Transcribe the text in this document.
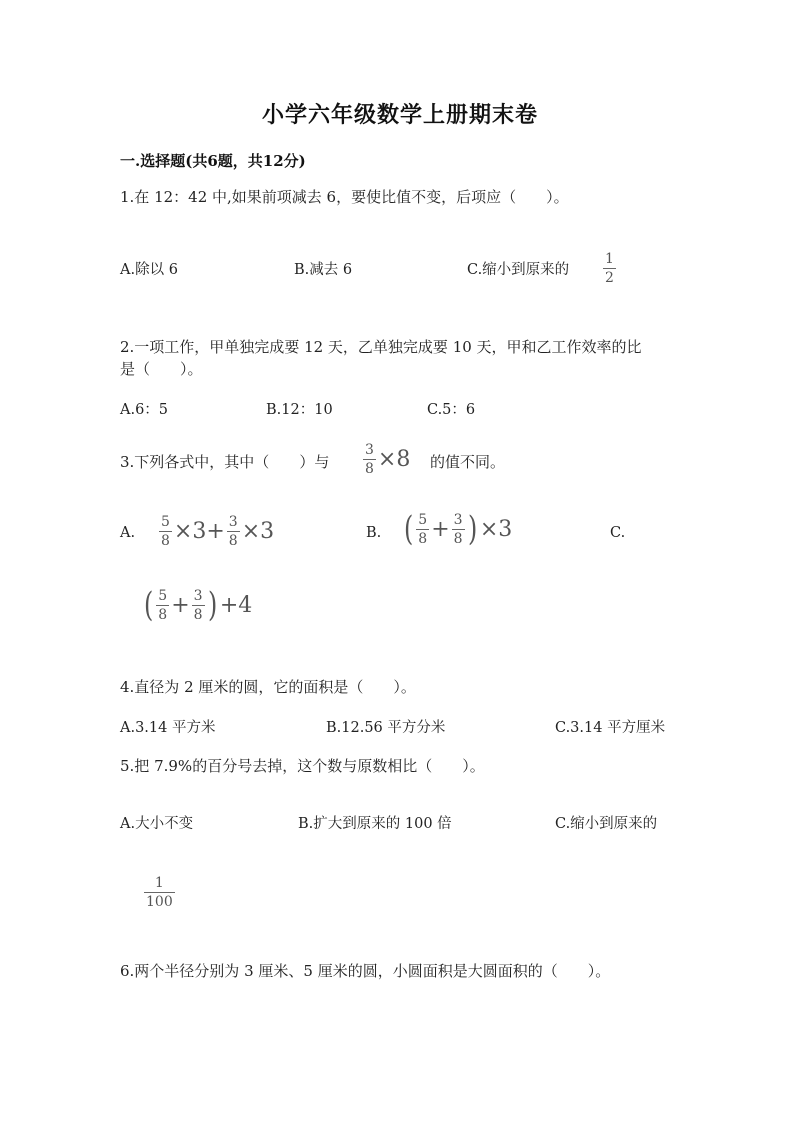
小学六年级数学上册期末卷
一.选择题(共6题，共12分)
1.在 12：42 中,如果前项减去 6，要使比值不变，后项应（　　）。
A.除以 6	B.减去 6	C.缩小到原来的 $\frac{1}{2}$
2.一项工作，甲单独完成要 12 天，乙单独完成要 10 天，甲和乙工作效率的比
是（　　）。
A.6：5	B.12：10	C.5：6
3.下列各式中，其中（　　）与 $\frac{3}{8} \times 8$ 的值不同。
A. $\frac{5}{8} \times 3+ \frac{3}{8} \times 3$	B. ( $\frac{5}{8} + \frac{3}{8}$ ) ×3	C.
( $\frac{5}{8} + \frac{3}{8}$ ) +4
4.直径为 2 厘米的圆，它的面积是（　　）。
A.3.14 平方米	B.12.56 平方分米	C.3.14 平方厘米
5.把 7.9%的百分号去掉，这个数与原数相比（　　）。
A.大小不变	B.扩大到原来的 100 倍	C.缩小到原来的
$\frac{1}{100}$
6.两个半径分别为 3 厘米、5 厘米的圆，小圆面积是大圆面积的（　　）。
